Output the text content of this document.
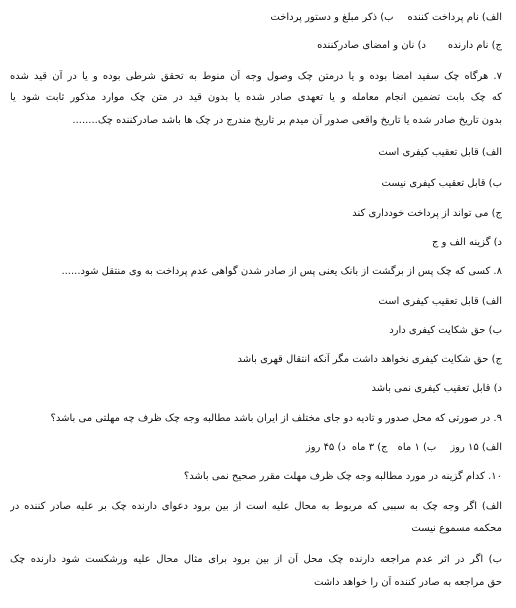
الف) نام پرداخت کنندهب) ذکر مبلغ و دستور پرداخت
ج) نام دارندهد) نان و امضای صادرکننده
۷. هرگاه چک سفید امضا بوده و یا درمتن چک وصول وجه آن منوط به تحقق شرطی بوده و یا در آن قید شده
که چک بابت تضمین انجام معامله و یا تعهدی صادر شده یا بدون قید در متن چک موارد مذکور ثابت شود یا
بدون تاریخ صادر شده یا تاریخ واقعی صدور آن میدم بر تاریخ مندرج در چک ها باشد صادرکننده چک........
الف) قابل تعقیب کیفری است
ب) قابل تعقیب کیفری نیست
ج) می تواند از پرداخت خودداری کند
د) گزینه الف و ج
۸. کسی که چک پس از برگشت از بانک یعنی پس از صادر شدن گواهی عدم پرداخت به وی منتقل شود......
الف) قابل تعقیب کیفری است
ب) حق شکایت کیفری دارد
ج) حق شکایت کیفری نخواهد داشت مگر آنکه انتقال قهری باشد
د) قابل تعقیب کیفری نمی باشد
۹. در صورتی که محل صدور و تادیه دو جای مختلف از ایران باشد مطالبه وجه چک ظرف چه مهلتی می باشد؟
الف) ۱۵ روزب) ۱ ماهج) ۳ ماهد) ۴۵ روز
۱۰. کدام گزینه در مورد مطالبه وجه چک ظرف مهلت مقرر صحیح نمی باشد؟
الف) اگر وجه چک به سببی که مربوط به محال علیه است از بین برود دعوای دارنده چک بر علیه صادر کننده در
محکمه مسموع نیست
ب) اگر در اثر عدم مراجعه دارنده چک محل آن از بین برود برای مثال محال علیه ورشکست شود دارنده چک
حق مراجعه به صادر کننده آن را خواهد داشت
